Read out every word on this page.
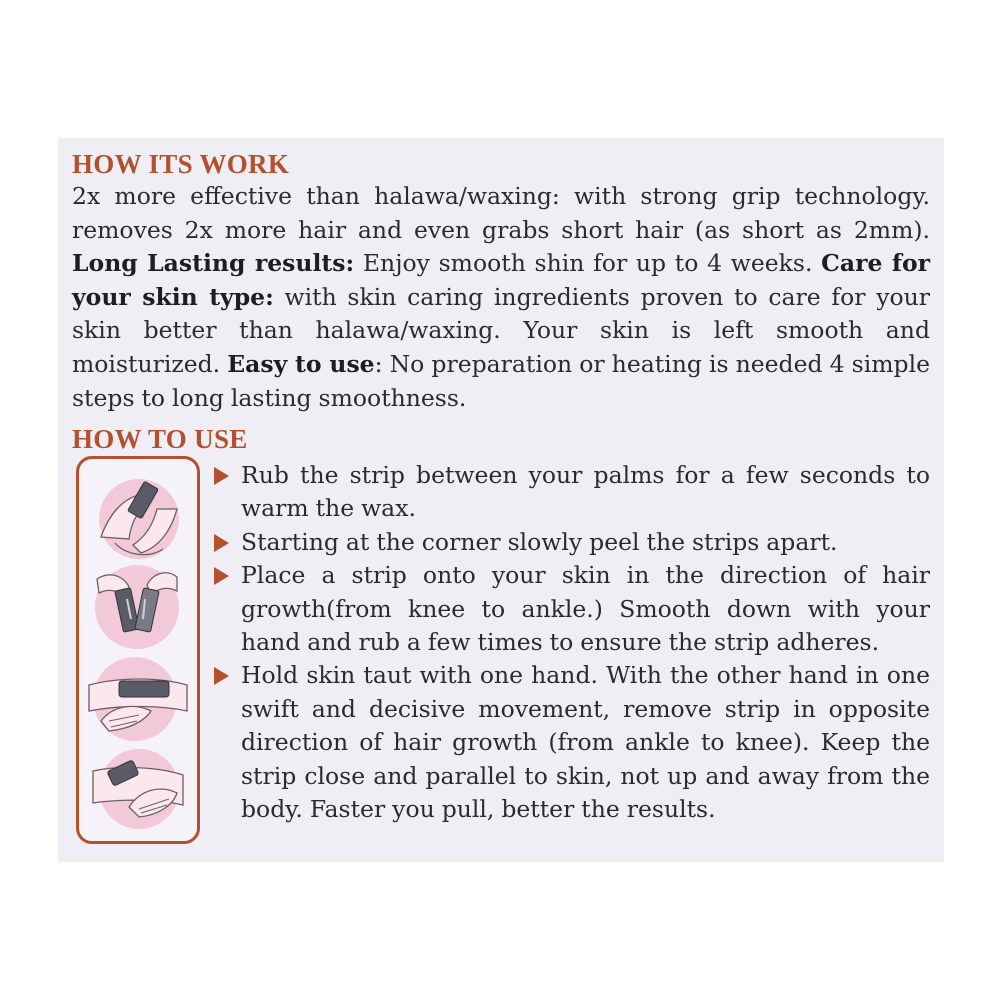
HOW ITS WORK

2x more effective than halawa/waxing: with strong grip technology. removes 2x more hair and even grabs short hair (as short as 2mm). Long Lasting results: Enjoy smooth shin for up to 4 weeks. Care for your skin type: with skin caring ingredients proven to care for your skin better than halawa/waxing. Your skin is left smooth and moisturized. Easy to use: No preparation or heating is needed 4 simple steps to long lasting smoothness.

HOW TO USE
Rub the strip between your palms for a few seconds to warm the wax.
Starting at the corner slowly peel the strips apart.
Place a strip onto your skin in the direction of hair growth(from knee to ankle.) Smooth down with your hand and rub a few times to ensure the strip adheres.
Hold skin taut with one hand. With the other hand in one swift and decisive movement, remove strip in opposite direction of hair growth (from ankle to knee). Keep the strip close and parallel to skin, not up and away from the body. Faster you pull, better the results.
